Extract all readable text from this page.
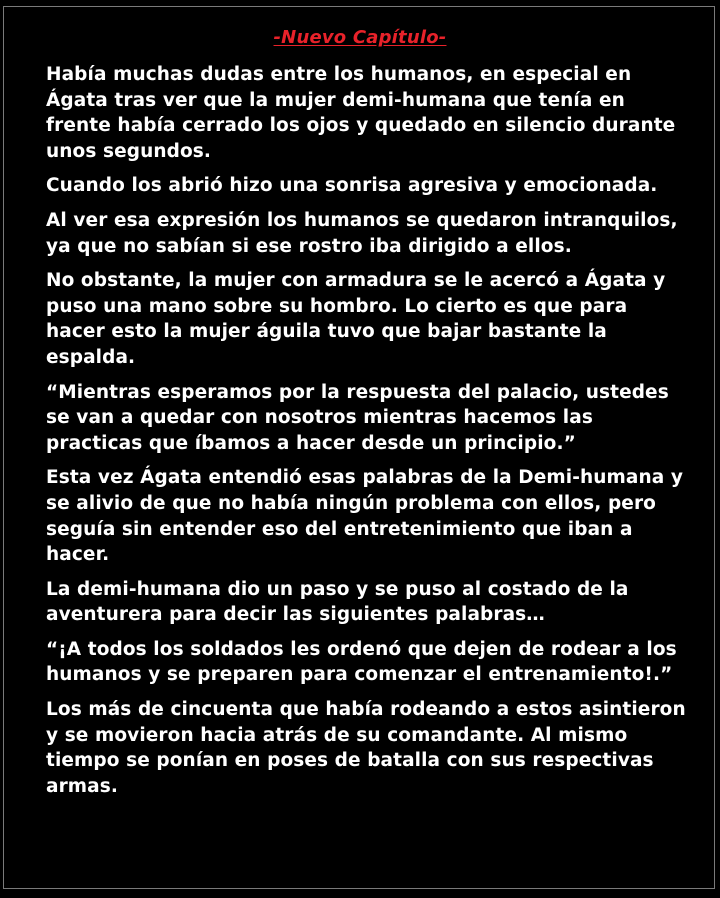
-Nuevo Capítulo-

Había muchas dudas entre los humanos, en especial en Ágata tras ver que la mujer demi-humana que tenía en frente había cerrado los ojos y quedado en silencio durante unos segundos.

Cuando los abrió hizo una sonrisa agresiva y emocionada.

Al ver esa expresión los humanos se quedaron intranquilos, ya que no sabían si ese rostro iba dirigido a ellos.

No obstante, la mujer con armadura se le acercó a Ágata y puso una mano sobre su hombro. Lo cierto es que para hacer esto la mujer águila tuvo que bajar bastante la espalda.

“Mientras esperamos por la respuesta del palacio, ustedes se van a quedar con nosotros mientras hacemos las practicas que íbamos a hacer desde un principio.”

Esta vez Ágata entendió esas palabras de la Demi-humana y se alivio de que no había ningún problema con ellos, pero seguía sin entender eso del entretenimiento que iban a hacer.

La demi-humana dio un paso y se puso al costado de la aventurera para decir las siguientes palabras…

“¡A todos los soldados les ordenó que dejen de rodear a los humanos y se preparen para comenzar el entrenamiento!.”

Los más de cincuenta que había rodeando a estos asintieron y se movieron hacia atrás de su comandante. Al mismo tiempo se ponían en poses de batalla con sus respectivas armas.
